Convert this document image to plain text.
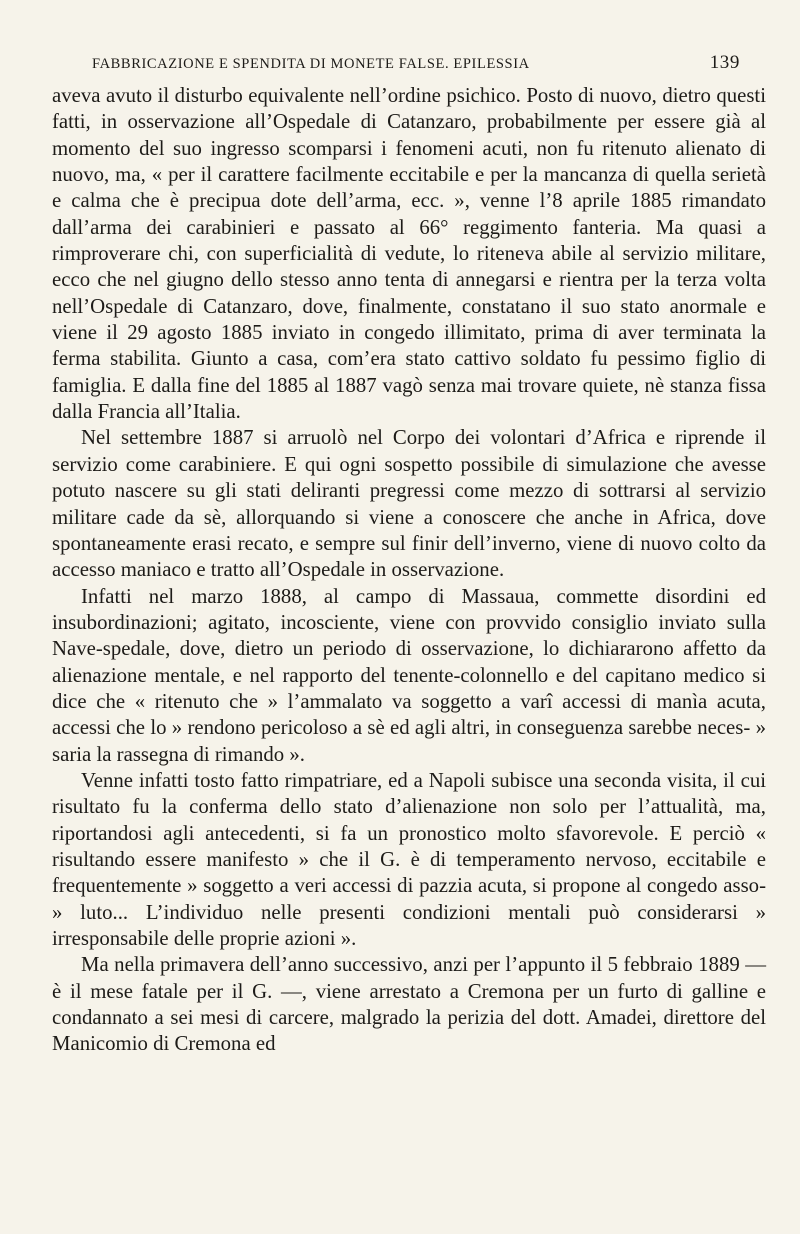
FABBRICAZIONE E SPENDITA DI MONETE FALSE. EPILESSIA	139

aveva avuto il disturbo equivalente nell’ordine psichico. Posto di nuovo, dietro questi fatti, in osservazione all’Ospedale di Catanzaro, probabilmente per essere già al momento del suo ingresso scomparsi i fenomeni acuti, non fu ritenuto alienato di nuovo, ma, « per il carattere facilmente eccitabile e per la mancanza di quella serietà e calma che è precipua dote dell’arma, ecc. », venne l’8 aprile 1885 rimandato dall’arma dei carabinieri e passato al 66° reggimento fanteria. Ma quasi a rimproverare chi, con superficialità di vedute, lo riteneva abile al servizio militare, ecco che nel giugno dello stesso anno tenta di annegarsi e rientra per la terza volta nell’Ospedale di Catanzaro, dove, finalmente, constatano il suo stato anormale e viene il 29 agosto 1885 inviato in congedo illimitato, prima di aver terminata la ferma stabilita. Giunto a casa, com’era stato cattivo soldato fu pessimo figlio di famiglia. E dalla fine del 1885 al 1887 vagò senza mai trovare quiete, nè stanza fissa dalla Francia all’Italia.

Nel settembre 1887 si arruolò nel Corpo dei volontari d’Africa e riprende il servizio come carabiniere. E qui ogni sospetto possibile di simulazione che avesse potuto nascere su gli stati deliranti pregressi come mezzo di sottrarsi al servizio militare cade da sè, allorquando si viene a conoscere che anche in Africa, dove spontaneamente erasi recato, e sempre sul finir dell’inverno, viene di nuovo colto da accesso maniaco e tratto all’Ospedale in osservazione.

Infatti nel marzo 1888, al campo di Massaua, commette disordini ed insubordinazioni; agitato, incosciente, viene con provvido consiglio inviato sulla Nave-spedale, dove, dietro un periodo di osservazione, lo dichiararono affetto da alienazione mentale, e nel rapporto del tenente-colonnello e del capitano medico si dice che « ritenuto che » l’ammalato va soggetto a varî accessi di manìa acuta, accessi che lo » rendono pericoloso a sè ed agli altri, in conseguenza sarebbe neces- » saria la rassegna di rimando ».

Venne infatti tosto fatto rimpatriare, ed a Napoli subisce una seconda visita, il cui risultato fu la conferma dello stato d’alienazione non solo per l’attualità, ma, riportandosi agli antecedenti, si fa un pronostico molto sfavorevole. E perciò « risultando essere manifesto » che il G. è di temperamento nervoso, eccitabile e frequentemente » soggetto a veri accessi di pazzia acuta, si propone al congedo asso- » luto... L’individuo nelle presenti condizioni mentali può considerarsi » irresponsabile delle proprie azioni ».

Ma nella primavera dell’anno successivo, anzi per l’appunto il 5 febbraio 1889 — è il mese fatale per il G. —, viene arrestato a Cremona per un furto di galline e condannato a sei mesi di carcere, malgrado la perizia del dott. Amadei, direttore del Manicomio di Cremona ed
